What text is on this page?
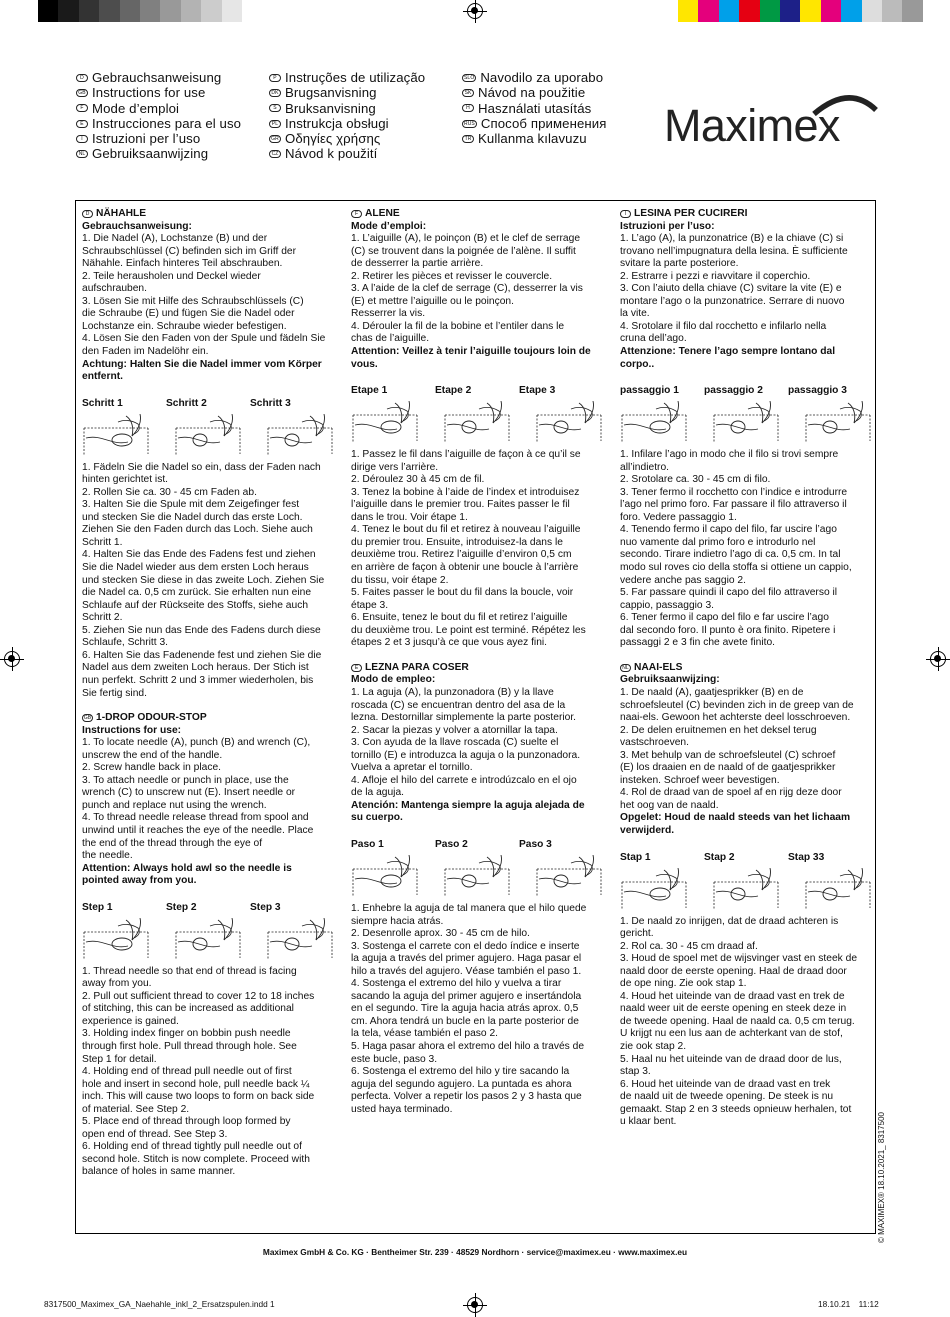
D Gebrauchsanweisung
GB Instructions for use
F Mode d’emploi
E Instrucciones para el uso
I Istruzioni per l’uso
NL Gebruiksaanwijzing
P Instruções de utilização
DK Brugsanvisning
S Bruksanvisning
PL Instrukcja obsługi
GR Οδηγίες χρήσης
CZ Návod k použití
SLO Navodilo za uporabo
SK Návod na použitie
H Használati utasítás
RUS Способ применения
TR Kullanma kılavuzu Maximex

D NÄHAHLE

Gebrauchsanweisung:

1. Die Nadel (A), Lochstanze (B) und der

Schraubschlüssel (C) befinden sich im Griff der

Nähahle. Einfach hinteres Teil abschrauben.

2. Teile herausholen und Deckel wieder

aufschrauben.

3. Lösen Sie mit Hilfe des Schraubschlüssels (C)

die Schraube (E) und fügen Sie die Nadel oder

Lochstanze ein. Schraube wieder befestigen.

4. Lösen Sie den Faden von der Spule und fädeln Sie

den Faden im Nadelöhr ein.

Achtung: Halten Sie die Nadel immer vom Körper

entfernt.

Schritt 1	Schritt 2	Schritt 3

1. Fädeln Sie die Nadel so ein, dass der Faden nach

hinten gerichtet ist.

2. Rollen Sie ca. 30 - 45 cm Faden ab.

3. Halten Sie die Spule mit dem Zeigefinger fest

und stecken Sie die Nadel durch das erste Loch.

Ziehen Sie den Faden durch das Loch. Siehe auch

Schritt 1.

4. Halten Sie das Ende des Fadens fest und ziehen

Sie die Nadel wieder aus dem ersten Loch heraus

und stecken Sie diese in das zweite Loch. Ziehen Sie

die Nadel ca. 0,5 cm zurück. Sie erhalten nun eine

Schlaufe auf der Rückseite des Stoffs, siehe auch

Schritt 2.

5. Ziehen Sie nun das Ende des Fadens durch diese

Schlaufe, Schritt 3.

6. Halten Sie das Fadenende fest und ziehen Sie die

Nadel aus dem zweiten Loch heraus. Der Stich ist

nun perfekt. Schritt 2 und 3 immer wiederholen, bis

Sie fertig sind.

GB 1-DROP ODOUR-STOP

Instructions for use:

1. To locate needle (A), punch (B) and wrench (C),

unscrew the end of the handle.

2. Screw handle back in place.

3. To attach needle or punch in place, use the

wrench (C) to unscrew nut (E). Insert needle or

punch and replace nut using the wrench.

4. To thread needle release thread from spool and

unwind until it reaches the eye of the needle. Place

the end of the thread through the eye of

the needle.

Attention: Always hold awl so the needle is

pointed away from you.

Step 1	Step 2	Step 3

1. Thread needle so that end of thread is facing

away from you.

2. Pull out sufficient thread to cover 12 to 18 inches

of stitching, this can be increased as additional

experience is gained.

3. Holding index finger on bobbin push needle

through first hole. Pull thread through hole. See

Step 1 for detail.

4. Holding end of thread pull needle out of first

hole and insert in second hole, pull needle back ¼

inch. This will cause two loops to form on back side

of material. See Step 2.

5. Place end of thread through loop formed by

open end of thread. See Step 3.

6. Holding end of thread tightly pull needle out of

second hole. Stitch is now complete. Proceed with

balance of holes in same manner.

F ALENE

Mode d’emploi:

1. L’aiguille (A), le poinçon (B) et le clef de serrage

(C) se trouvent dans la poignée de l’alène. Il suffit

de desserrer la partie arrière.

2. Retirer les pièces et revisser le couvercle.

3. A l’aide de la clef de serrage (C), desserrer la vis

(E) et mettre l’aiguille ou le poinçon.

Resserrer la vis.

4. Dérouler la fil de la bobine et l’entiler dans le

chas de l’aiguille.

Attention: Veillez à tenir l’aiguille toujours loin de

vous.

Etape 1	Etape 2	Etape 3

1. Passez le fil dans l’aiguille de façon à ce qu’il se

dirige vers l’arrière.

2. Déroulez 30 à 45 cm de fil.

3. Tenez la bobine à l’aide de l’index et introduisez

l’aiguille dans le premier trou. Faites passer le fil

dans le trou. Voir étape 1.

4. Tenez le bout du fil et retirez à nouveau l’aiguille

du premier trou. Ensuite, introduisez-la dans le

deuxième trou. Retirez l’aiguille d’environ 0,5 cm

en arrière de façon à obtenir une boucle à l’arrière

du tissu, voir étape 2.

5. Faites passer le bout du fil dans la boucle, voir

étape 3.

6. Ensuite, tenez le bout du fil et retirez l’aiguille

du deuxième trou. Le point est terminé. Répétez les

étapes 2 et 3 jusqu’à ce que vous ayez fini.

E LEZNA PARA COSER

Modo de empleo:

1. La aguja (A), la punzonadora (B) y la llave

roscada (C) se encuentran dentro del asa de la

lezna. Destornillar simplemente la parte posterior.

2. Sacar la piezas y volver a atornillar la tapa.

3. Con ayuda de la llave roscada (C) suelte el

tornillo (E) e introduzca la aguja o la punzonadora.

Vuelva a apretar el tornillo.

4. Afloje el hilo del carrete e introdúzcalo en el ojo

de la aguja.

Atención: Mantenga siempre la aguja alejada de

su cuerpo.

Paso 1	Paso 2	Paso 3

1. Enhebre la aguja de tal manera que el hilo quede

siempre hacia atrás.

2. Desenrolle aprox. 30 - 45 cm de hilo.

3. Sostenga el carrete con el dedo índice e inserte

la aguja a través del primer agujero. Haga pasar el

hilo a través del agujero. Véase también el paso 1.

4. Sostenga el extremo del hilo y vuelva a tirar

sacando la aguja del primer agujero e insertándola

en el segundo. Tire la aguja hacia atrás aprox. 0,5

cm. Ahora tendrá un bucle en la parte posterior de

la tela, véase también el paso 2.

5. Haga pasar ahora el extremo del hilo a través de

este bucle, paso 3.

6. Sostenga el extremo del hilo y tire sacando la

aguja del segundo agujero. La puntada es ahora

perfecta. Volver a repetir los pasos 2 y 3 hasta que

usted haya terminado.

I LESINA PER CUCIRERI

Istruzioni per l’uso:

1. L’ago (A), la punzonatrice (B) e la chiave (C) si

trovano nell’impugnatura della lesina. È sufficiente

svitare la parte posteriore.

2. Estrarre i pezzi e riavvitare il coperchio.

3. Con l’aiuto della chiave (C) svitare la vite (E) e

montare l’ago o la punzonatrice. Serrare di nuovo

la vite.

4. Srotolare il filo dal rocchetto e infilarlo nella

cruna dell’ago.

Attenzione: Tenere l’ago sempre lontano dal

corpo..

passaggio 1	passaggio 2	passaggio 3

1. Infilare l’ago in modo che il filo si trovi sempre

all’indietro.

2. Srotolare ca. 30 - 45 cm di filo.

3. Tener fermo il rocchetto con l’indice e introdurre

l’ago nel primo foro. Far passare il filo attraverso il

foro. Vedere passaggio 1.

4. Tenendo fermo il capo del filo, far uscire l’ago

nuo vamente dal primo foro e introdurlo nel

secondo. Tirare indietro l’ago di ca. 0,5 cm. In tal

modo sul roves cio della stoffa si ottiene un cappio,

vedere anche pas saggio 2.

5. Far passare quindi il capo del filo attraverso il

cappio, passaggio 3.

6. Tener fermo il capo del filo e far uscire l’ago

dal secondo foro. Il punto è ora finito. Ripetere i

passaggi 2 e 3 fin che avete finito.

NL NAAI-ELS

Gebruiksaanwijzing:

1. De naald (A), gaatjesprikker (B) en de

schroefsleutel (C) bevinden zich in de greep van de

naai-els. Gewoon het achterste deel losschroeven.

2. De delen eruitnemen en het deksel terug

vastschroeven.

3. Met behulp van de schroefsleutel (C) schroef

(E) los draaien en de naald of de gaatjesprikker

insteken. Schroef weer bevestigen.

4. Rol de draad van de spoel af en rijg deze door

het oog van de naald.

Opgelet: Houd de naald steeds van het lichaam

verwijderd.

Stap 1	Stap 2	Stap 33

1. De naald zo inrijgen, dat de draad achteren is

gericht.

2. Rol ca. 30 - 45 cm draad af.

3. Houd de spoel met de wijsvinger vast en steek de

naald door de eerste opening. Haal de draad door

de ope ning. Zie ook stap 1.

4. Houd het uiteinde van de draad vast en trek de

naald weer uit de eerste opening en steek deze in

de tweede opening. Haal de naald ca. 0,5 cm terug.

U krijgt nu een lus aan de achterkant van de stof,

zie ook stap 2.

5. Haal nu het uiteinde van de draad door de lus,

stap 3.

6. Houd het uiteinde van de draad vast en trek

de naald uit de tweede opening. De steek is nu

gemaakt. Stap 2 en 3 steeds opnieuw herhalen, tot

u klaar bent.

Maximex GmbH & Co. KG · Bentheimer Str. 239 · 48529 Nordhorn · service@maximex.eu · www.maximex.eu
© MAXIMEX® 18.10.2021_ 8317500
8317500_Maximex_GA_Naehahle_inkl_2_Ersatzspulen.indd 1	18.10.21 11:12
